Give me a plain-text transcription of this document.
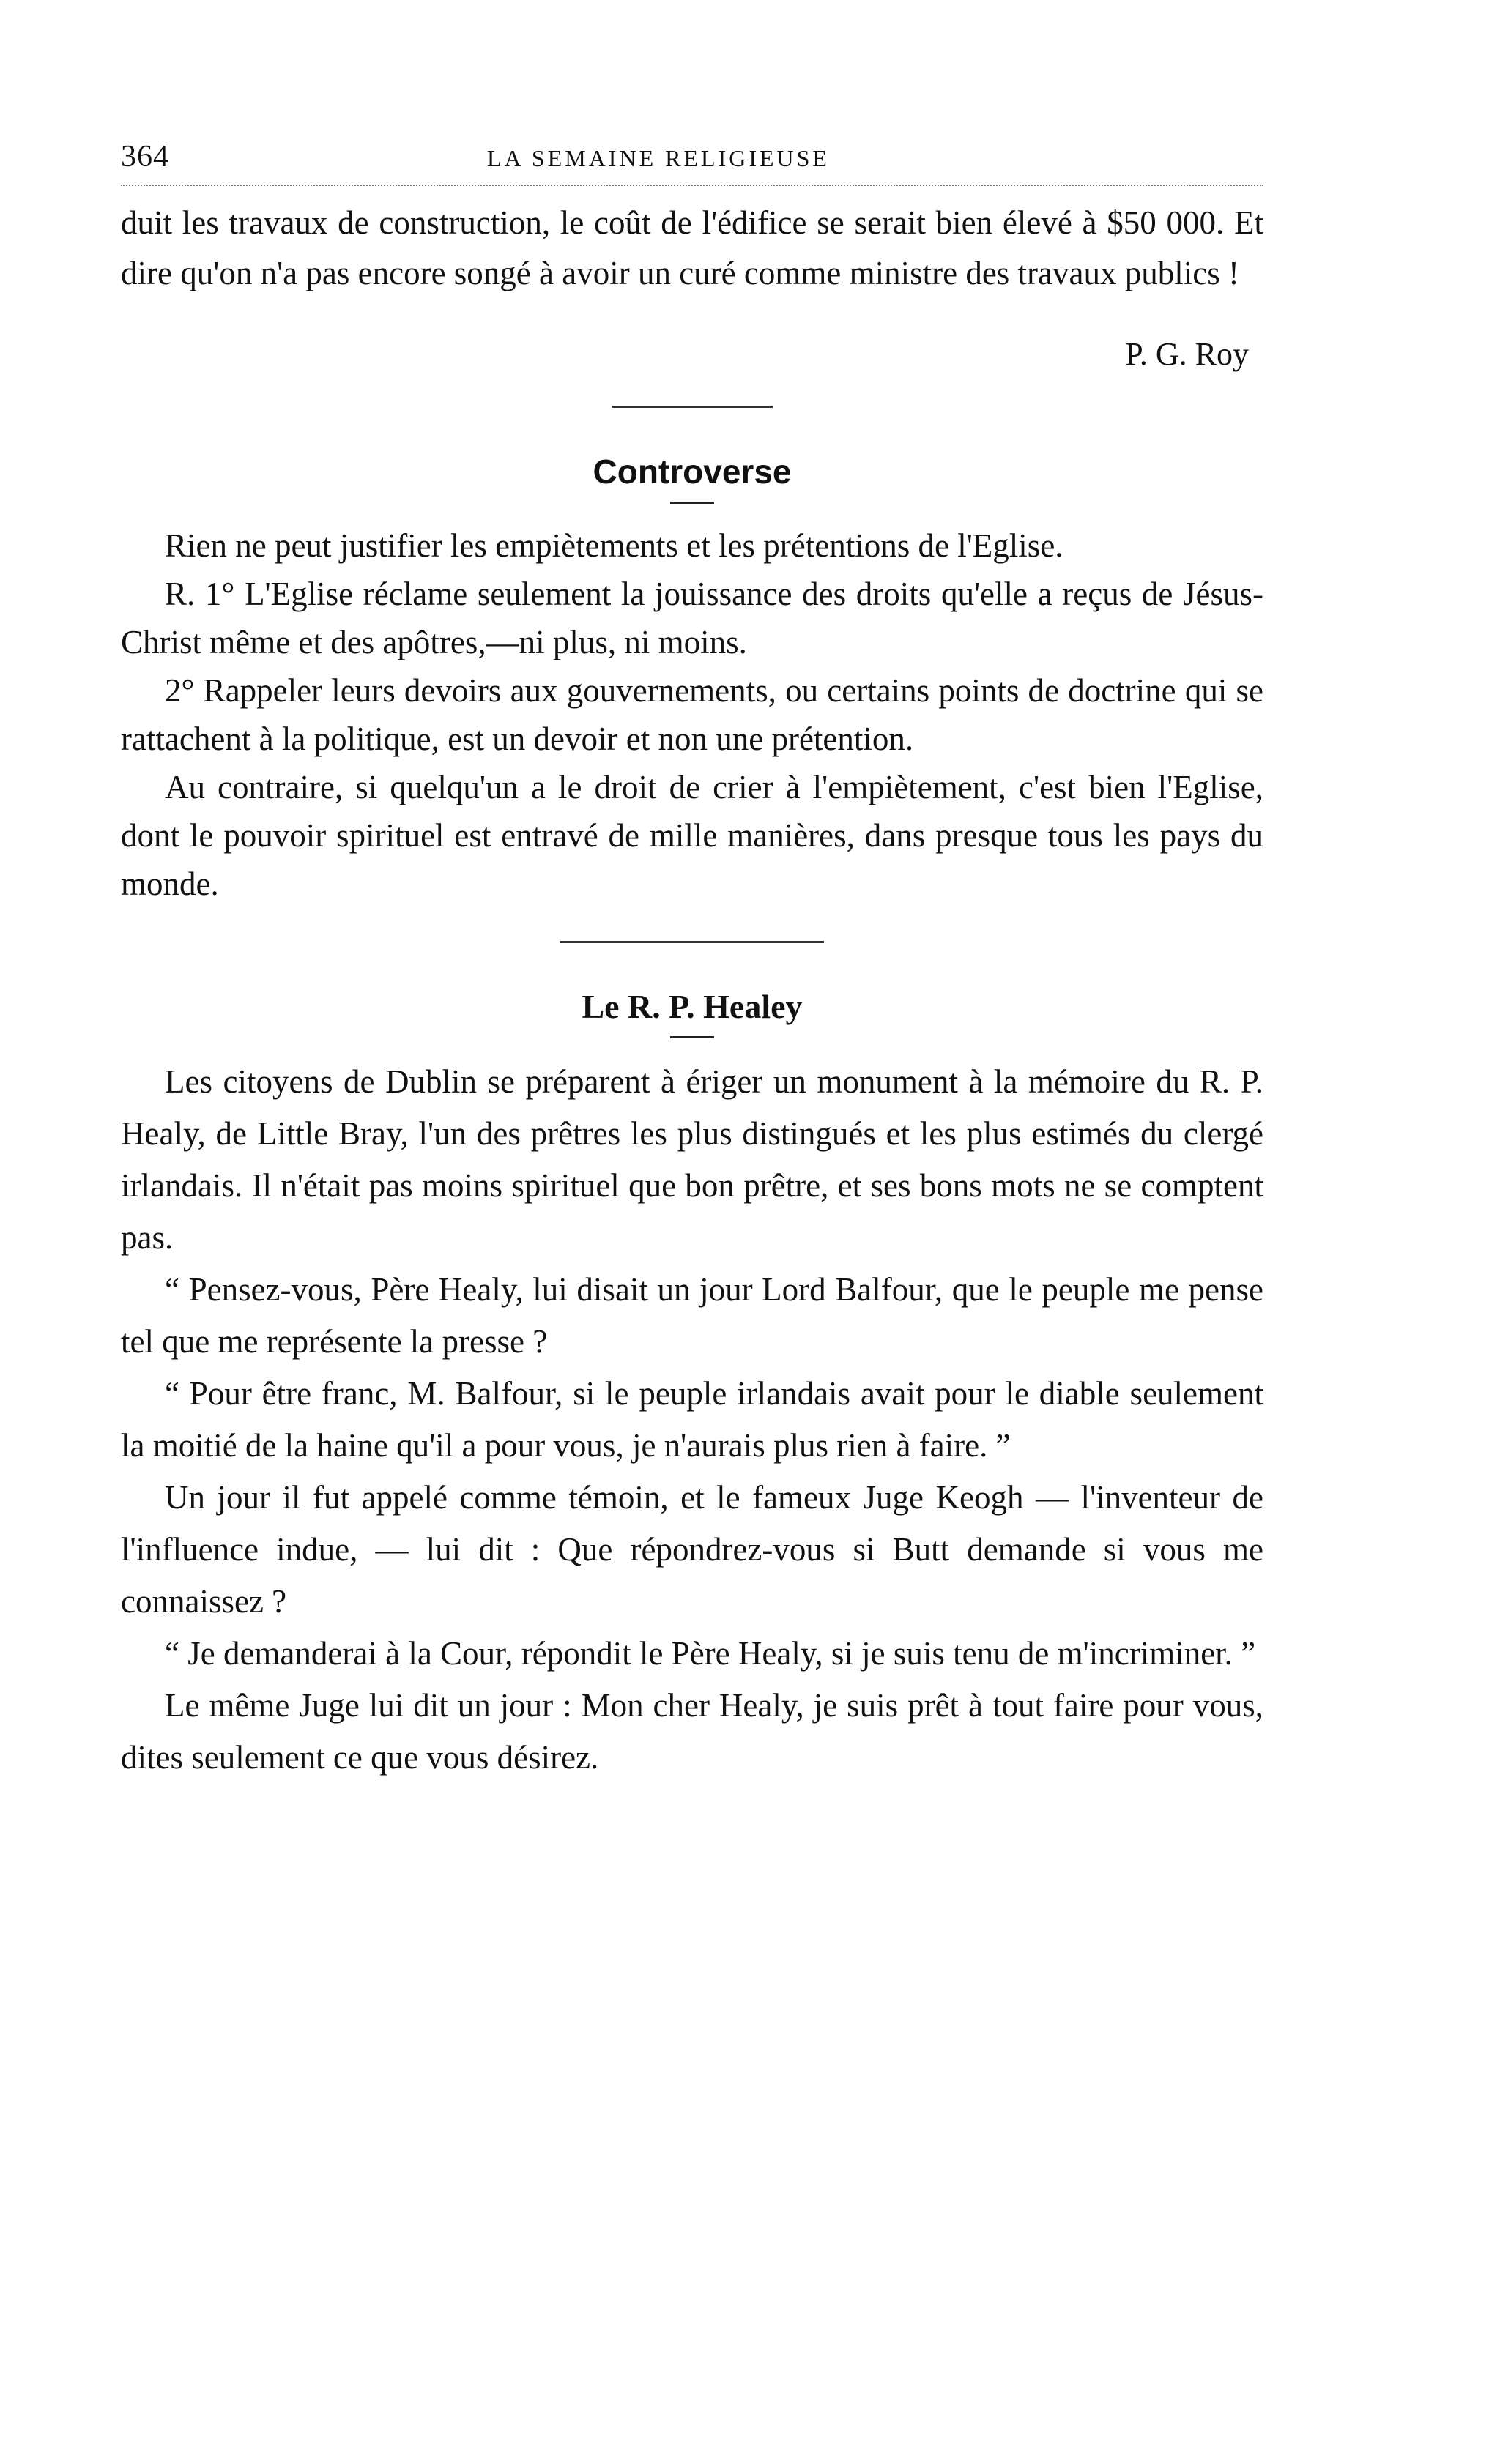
364	LA SEMAINE RELIGIEUSE

duit les travaux de construction, le coût de l'édifice se serait bien élevé à $50 000. Et dire qu'on n'a pas encore songé à avoir un curé comme ministre des travaux publics !

P. G. Roy
Controverse

Rien ne peut justifier les empiètements et les prétentions de l'Eglise.

R. 1° L'Eglise réclame seulement la jouissance des droits qu'elle a reçus de Jésus-Christ même et des apôtres,—ni plus, ni moins.

2° Rappeler leurs devoirs aux gouvernements, ou certains points de doctrine qui se rattachent à la politique, est un devoir et non une prétention.

Au contraire, si quelqu'un a le droit de crier à l'empiètement, c'est bien l'Eglise, dont le pouvoir spirituel est entravé de mille manières, dans presque tous les pays du monde.

Le R. P. Healey

Les citoyens de Dublin se préparent à ériger un monument à la mémoire du R. P. Healy, de Little Bray, l'un des prêtres les plus distingués et les plus estimés du clergé irlandais. Il n'était pas moins spirituel que bon prêtre, et ses bons mots ne se comptent pas.

“ Pensez-vous, Père Healy, lui disait un jour Lord Balfour, que le peuple me pense tel que me représente la presse ?

“ Pour être franc, M. Balfour, si le peuple irlandais avait pour le diable seulement la moitié de la haine qu'il a pour vous, je n'aurais plus rien à faire. ”

Un jour il fut appelé comme témoin, et le fameux Juge Keogh — l'inventeur de l'influence indue, — lui dit : Que répondrez-vous si Butt demande si vous me connaissez ?

“ Je demanderai à la Cour, répondit le Père Healy, si je suis tenu de m'incriminer. ”

Le même Juge lui dit un jour : Mon cher Healy, je suis prêt à tout faire pour vous, dites seulement ce que vous désirez.
